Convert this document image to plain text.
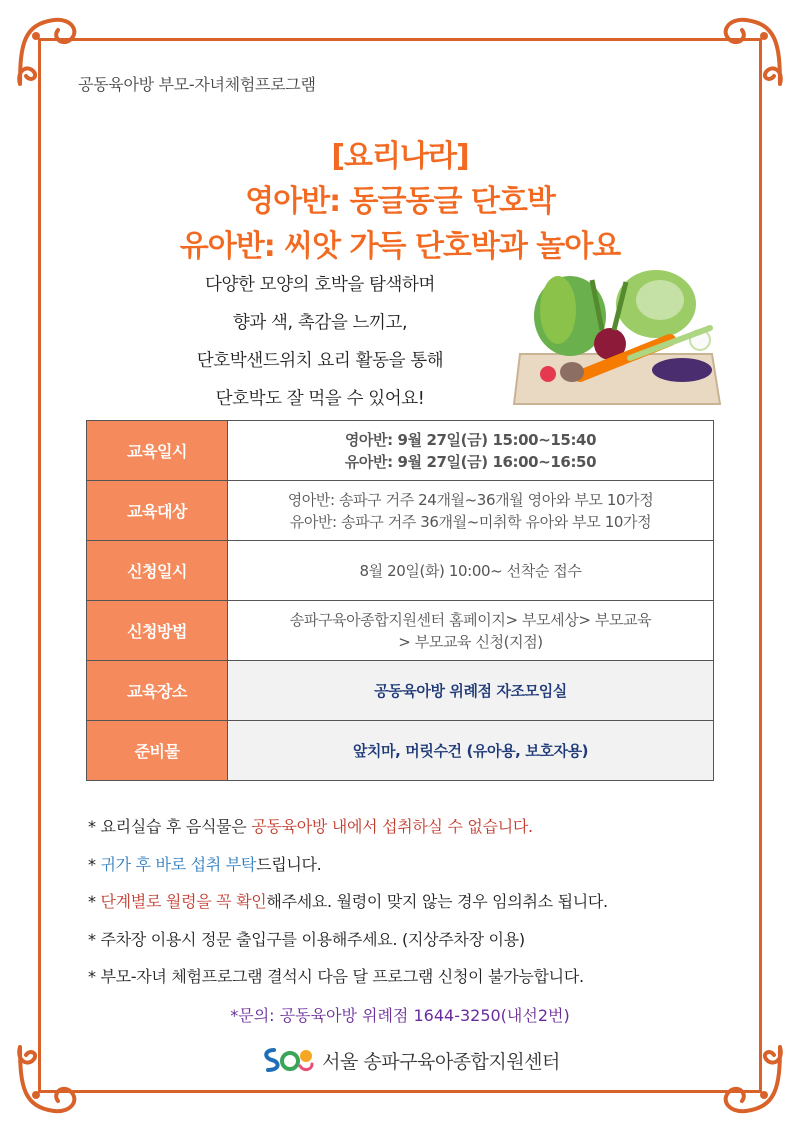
공동육아방 부모-자녀체험프로그램
[요리나라]
영아반: 동글동글 단호박
유아반: 씨앗 가득 단호박과 놀아요
다양한 모양의 호박을 탐색하며
향과 색, 촉감을 느끼고,
단호박샌드위치 요리 활동을 통해
단호박도 잘 먹을 수 있어요!
교육일시	영아반: 9월 27일(금) 15:00~15:40
유아반: 9월 27일(금) 16:00~16:50

교육대상	영아반: 송파구 거주 24개월~36개월 영아와 부모 10가정
유아반: 송파구 거주 36개월~미취학 유아와 부모 10가정

신청일시	8월 20일(화) 10:00~ 선착순 접수

신청방법	송파구육아종합지원센터 홈페이지> 부모세상> 부모교육
> 부모교육 신청(지점)

교육장소	공동육아방 위례점 자조모임실

준비물	앞치마, 머릿수건 (유아용, 보호자용)
* 요리실습 후 음식물은 공동육아방 내에서 섭취하실 수 없습니다.
* 귀가 후 바로 섭취 부탁드립니다.
* 단계별로 월령을 꼭 확인해주세요. 월령이 맞지 않는 경우 임의취소 됩니다.
* 주차장 이용시 정문 출입구를 이용해주세요. (지상주차장 이용)
* 부모-자녀 체험프로그램 결석시 다음 달 프로그램 신청이 불가능합니다.
*문의: 공동육아방 위례점 1644-3250(내선2번)
서울 송파구육아종합지원센터
